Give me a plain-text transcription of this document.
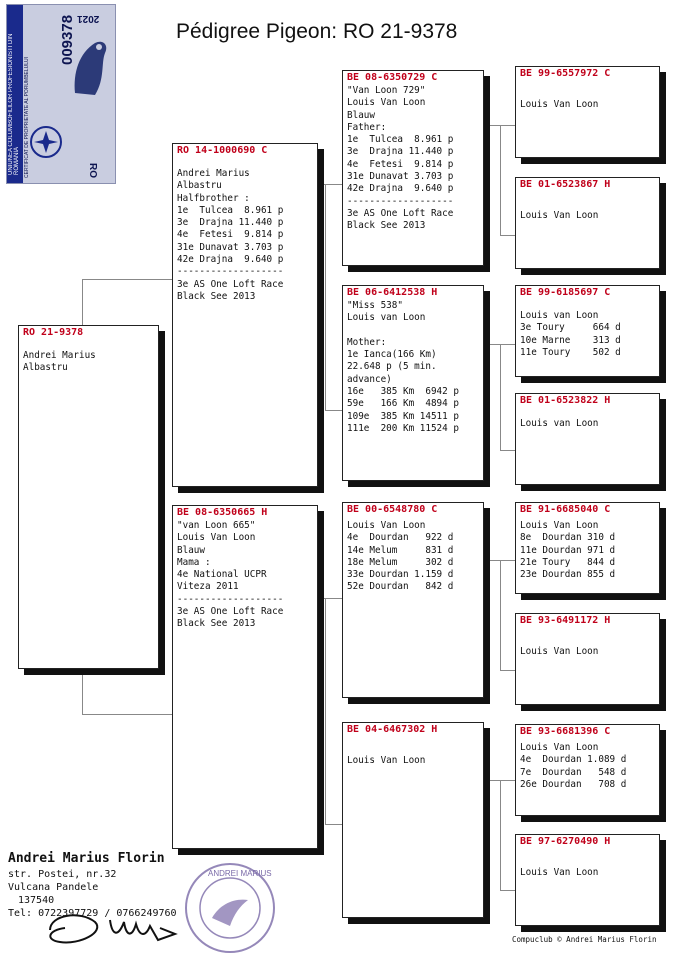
Pédigree Pigeon: RO 21-9378
UNIUNEA COLUMBOFILILOR PROFESIONISTI DIN ROMANIA CERTIFICAT DE PROPRIETATE AL PORUMBELULUI
009378 2021
RO
RO 21-9378
Andrei Marius
Albastru
RO 14-1000690 C
Andrei Marius
Albastru
Halfbrother :
1e  Tulcea  8.961 p
3e  Drajna 11.440 p
4e  Fetesi  9.814 p
31e Dunavat 3.703 p
42e Drajna  9.640 p
-------------------
3e AS One Loft Race
Black See 2013
BE 08-6350665 H
"van Loon 665"
Louis Van Loon
Blauw
Mama :
4e National UCPR
Viteza 2011
-------------------
3e AS One Loft Race
Black See 2013
BE 08-6350729 C
"Van Loon 729"
Louis Van Loon
Blauw
Father:
1e  Tulcea  8.961 p
3e  Drajna 11.440 p
4e  Fetesi  9.814 p
31e Dunavat 3.703 p
42e Drajna  9.640 p
-------------------
3e AS One Loft Race
Black See 2013
BE 06-6412538 H
"Miss 538"
Louis van Loon

Mother:
1e Ianca(166 Km)
22.648 p (5 min.
advance)
16e   385 Km  6942 p
59e   166 Km  4894 p
109e  385 Km 14511 p
111e  200 Km 11524 p
BE 00-6548780 C
Louis Van Loon
4e  Dourdan   922 d
14e Melum     831 d
18e Melum     302 d
33e Dourdan 1.159 d
52e Dourdan   842 d
BE 04-6467302 H
Louis Van Loon
BE 99-6557972 C
Louis Van Loon
BE 01-6523867 H
Louis Van Loon
BE 99-6185697 C
Louis van Loon
3e Toury     664 d
10e Marne    313 d
11e Toury    502 d
BE 01-6523822 H
Louis van Loon
BE 91-6685040 C
Louis Van Loon
8e  Dourdan 310 d
11e Dourdan 971 d
21e Toury   844 d
23e Dourdan 855 d
BE 93-6491172 H
Louis Van Loon
BE 93-6681396 C
Louis Van Loon
4e  Dourdan 1.089 d
7e  Dourdan   548 d
26e Dourdan   708 d
BE 97-6270490 H
Louis Van Loon
Andrei Marius Florin
str. Postei, nr.32
Vulcana Pandele
137540
Tel: 0722397729 / 0766249760
ANDREI MARIUS
Compuclub © Andrei Marius Florin
